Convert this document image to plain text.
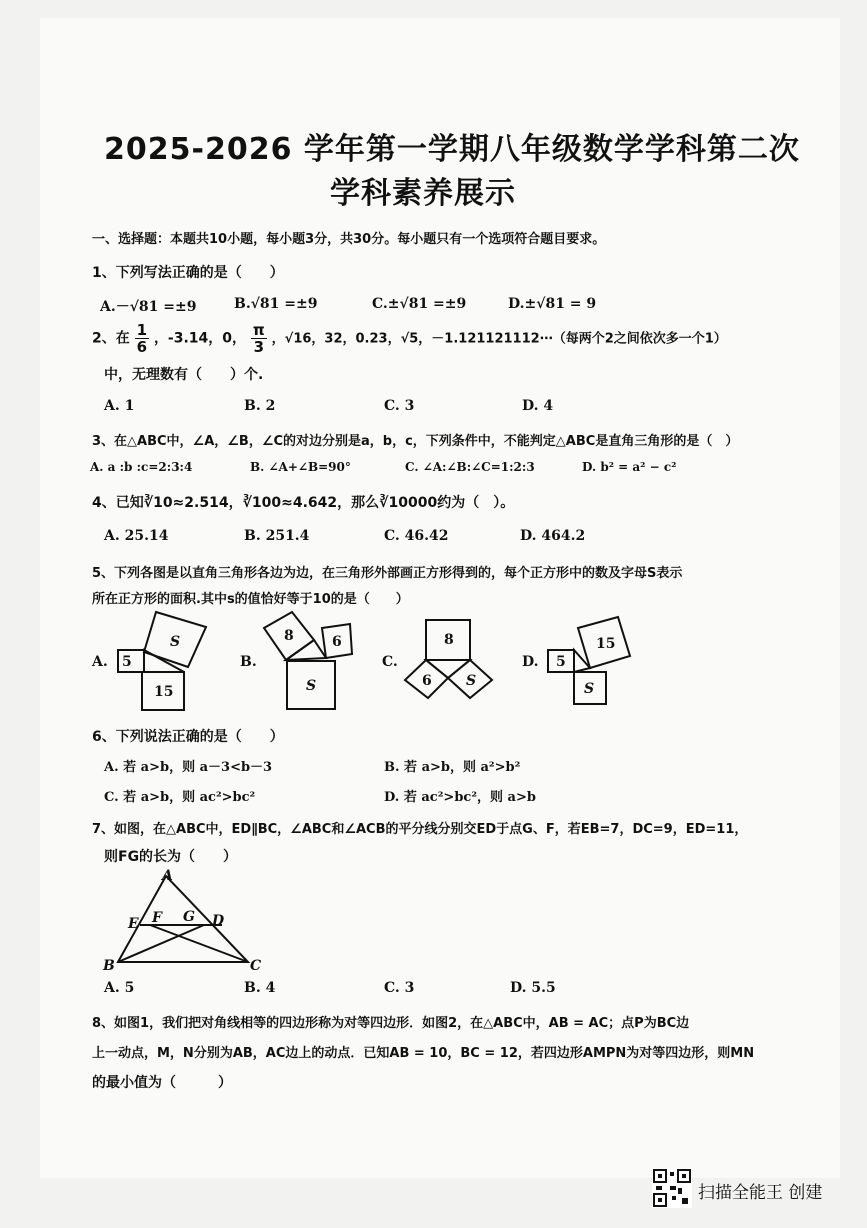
2025-2026 学年第一学期八年级数学学科第二次
学科素养展示
一、选择题：本题共10小题，每小题3分，共30分。每小题只有一个选项符合题目要求。
1、下列写法正确的是（　　）
A.－√81 =±9	B.√81 =±9	C.±√81 =±9	D.±√81 = 9
2、在 $\frac{1}{6}$ ，-3.14，0， $\frac{\pi}{3}$ ，√16，32，0.23，√5，－1.121121112⋯（每两个2之间依次多一个1）
中，无理数有（　　）个.
A. 1	B. 2	C. 3	D. 4
3、在△ABC中，∠A，∠B，∠C的对边分别是a，b，c，下列条件中，不能判定△ABC是直角三角形的是（　）
A. a :b :c=2:3:4	B. ∠A+∠B=90°	C. ∠A:∠B:∠C=1:2:3	D. b² = a² − c²
4、已知∛10≈2.514，∛100≈4.642，那么∛10000约为（　）。
A. 25.14	B. 251.4	C. 46.42	D. 464.2
5、下列各图是以直角三角形各边为边，在三角形外部画正方形得到的，每个正方形中的数及字母S表示
所在正方形的面积.其中s的值恰好等于10的是（　　）
A.	B.	C.	D.
5
S
15
8	6
S
8
6 S
5
15
S
6、下列说法正确的是（　　）
A. 若 a>b，则 a－3<b－3	B. 若 a>b，则 a²>b²
C. 若 a>b，则 ac²>bc²	D. 若 ac²>bc²，则 a>b
7、如图，在△ABC中，ED∥BC，∠ABC和∠ACB的平分线分别交ED于点G、F，若EB=7，DC=9，ED=11，
则FG的长为（　　）
A
E F G D
B	C
A. 5	B. 4	C. 3	D. 5.5
8、如图1，我们把对角线相等的四边形称为对等四边形．如图2，在△ABC中，AB = AC；点P为BC边
上一动点，M，N分别为AB，AC边上的动点．已知AB = 10，BC = 12，若四边形AMPN为对等四边形，则MN
的最小值为（　　　）
扫描全能王 创建
